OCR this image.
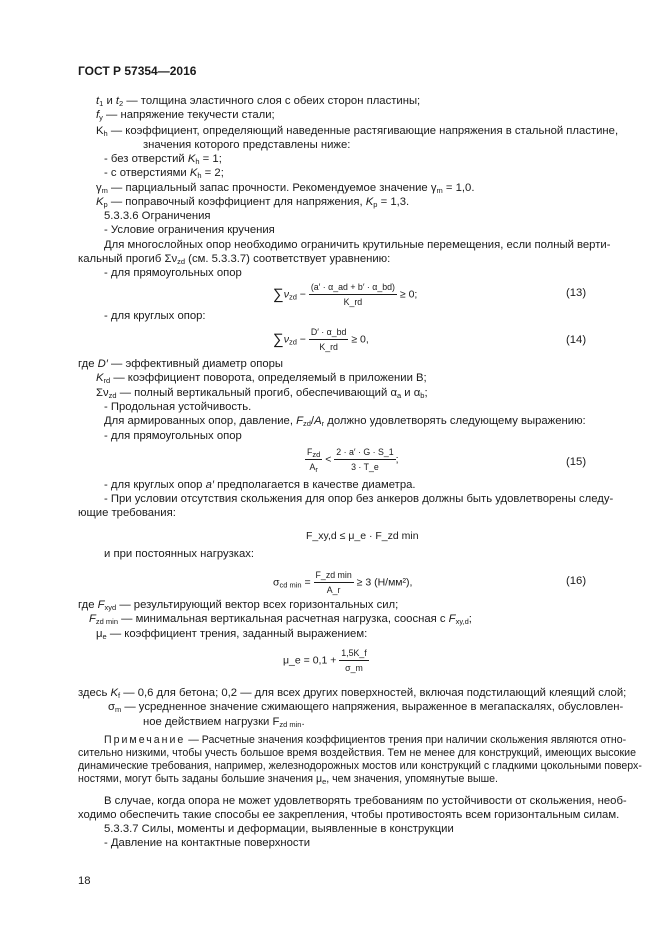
ГОСТ Р 57354—2016
$t_1$ и $t_2$ — толщина эластичного слоя с обеих сторон пластины;
$f_y$ — напряжение текучести стали;
$K_h$ — коэффициент, определяющий наведенные растягивающие напряжения в стальной пластине,
значения которого представлены ниже:
- без отверстий $K_h = 1$;
- с отверстиями $K_h = 2$;
$\gamma_m$ — парциальный запас прочности. Рекомендуемое значение $\gamma_m = 1,0$.
$K_p$ — поправочный коэффициент для напряжения, $K_p = 1,3$.
5.3.3.6 Ограничения
- Условие ограничения кручения
Для многослойных опор необходимо ограничить крутильные перемещения, если полный верти-
кальный прогиб $\Sigma\nu_{zd}$ (см. 5.3.3.7) соответствует уравнению:
- для прямоугольных опор
$\sum\nu_{zd} - \frac{(a' \cdot \alpha\_ad + b' \cdot \alpha\_bd)}{K\_rd} \ge 0$;	(13)
- для круглых опор:
$\sum\nu_{zd} - \frac{D' \cdot \alpha\_bd}{K\_rd} \ge 0$,	(14)
где D′ — эффективный диаметр опоры
$K_{rd}$ — коэффициент поворота, определяемый в приложении В;
$\Sigma\nu_{zd}$ — полный вертикальный прогиб, обеспечивающий $\alpha_a$ и $\alpha_b$;
- Продольная устойчивость.
Для армированных опор, давление, $F_{zd}/A_r$ должно удовлетворять следующему выражению:
- для прямоугольных опор
$\frac{F_{zd}}{A_r} < \frac{2 \cdot a' \cdot G \cdot S\_1}{3 \cdot T\_e}$ ;	(15)
- для круглых опор a′ предполагается в качестве диаметра.
- При условии отсутствия скольжения для опор без анкеров должны быть удовлетворены следу-
ющие требования:
F_xy,d ≤ μ_e · F_zd min
и при постоянных нагрузках:
$\sigma_{cd min} = \frac{\text{F\_zd min}}{A\_r} \ge 3$ (Н/мм²),	(16)
где $F_{xyd}$ — результирующий вектор всех горизонтальных сил;
$F_{zd min}$ — минимальная вертикальная расчетная нагрузка, соосная с $F_{xy,d}$;
$\mu_e$ — коэффициент трения, заданный выражением:
μ_e = $0,1 + \frac{1,5K\_f}{\sigma\_m}$
здесь $K_f$ — 0,6 для бетона; 0,2 — для всех других поверхностей, включая подстилающий клеящий слой;
$\sigma_m$ — усредненное значение сжимающего напряжения, выраженное в мегапаскалях, обусловлен-
ное действием нагрузки $F_{zd min}$.
Примечание — Расчетные значения коэффициентов трения при наличии скольжения являются отно-
сительно низкими, чтобы учесть большое время воздействия. Тем не менее для конструкций, имеющих высокие
динамические требования, например, железнодорожных мостов или конструкций с гладкими цокольными поверх-
ностями, могут быть заданы большие значения $\mu_e$, чем значения, упомянутые выше.
В случае, когда опора не может удовлетворять требованиям по устойчивости от скольжения, необ-
ходимо обеспечить такие способы ее закрепления, чтобы противостоять всем горизонтальным силам.
5.3.3.7 Силы, моменты и деформации, выявленные в конструкции
- Давление на контактные поверхности
18
